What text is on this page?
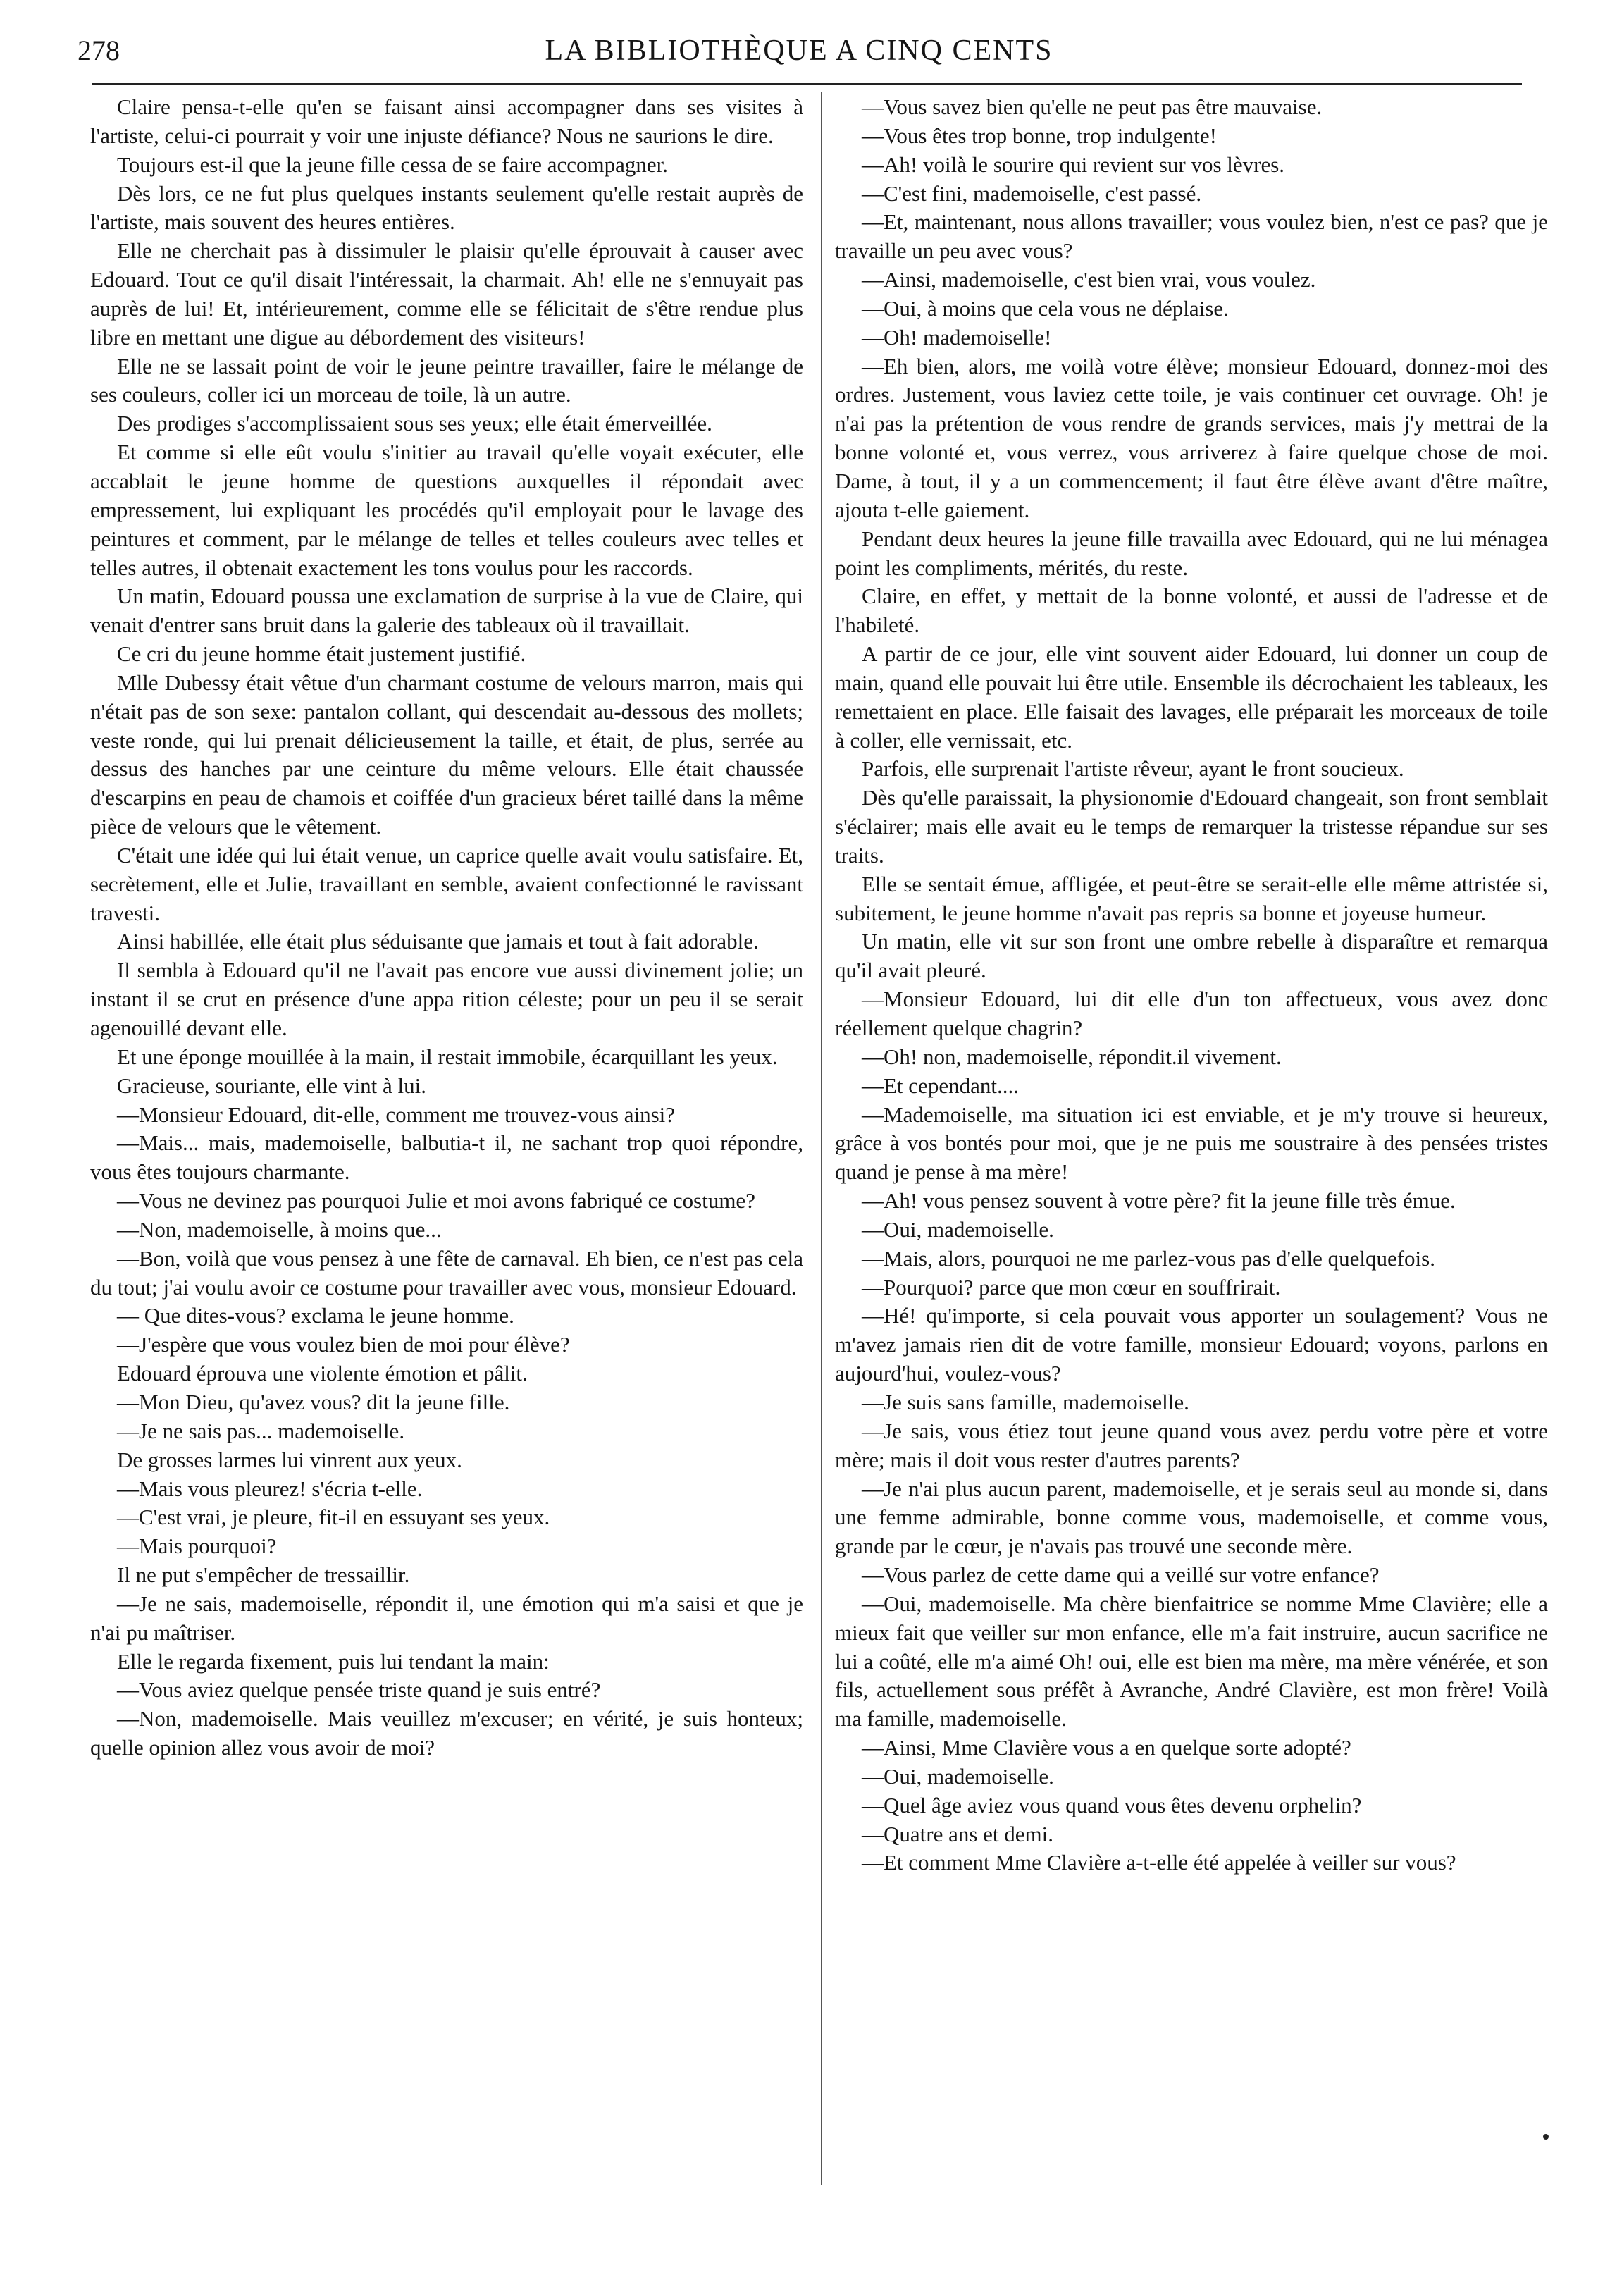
278	LA BIBLIOTHÈQUE A CINQ CENTS

Claire pensa-t-elle qu'en se faisant ainsi accompagner dans ses visites à l'artiste, celui-ci pourrait y voir une injuste défiance? Nous ne saurions le dire.

Toujours est-il que la jeune fille cessa de se faire accompagner.

Dès lors, ce ne fut plus quelques instants seulement qu'elle restait auprès de l'artiste, mais souvent des heures entières.

Elle ne cherchait pas à dissimuler le plaisir qu'elle éprouvait à causer avec Edouard. Tout ce qu'il disait l'intéressait, la charmait. Ah! elle ne s'ennuyait pas auprès de lui! Et, intérieurement, comme elle se félicitait de s'être rendue plus libre en mettant une digue au débordement des visiteurs!

Elle ne se lassait point de voir le jeune peintre travailler, faire le mélange de ses couleurs, coller ici un morceau de toile, là un autre.

Des prodiges s'accomplissaient sous ses yeux; elle était émerveillée.

Et comme si elle eût voulu s'initier au travail qu'elle voyait exécuter, elle accablait le jeune homme de questions auxquelles il répondait avec empressement, lui expliquant les procédés qu'il employait pour le lavage des peintures et comment, par le mélange de telles et telles couleurs avec telles et telles autres, il obtenait exactement les tons voulus pour les raccords.

Un matin, Edouard poussa une exclamation de surprise à la vue de Claire, qui venait d'entrer sans bruit dans la galerie des tableaux où il travaillait.

Ce cri du jeune homme était justement justifié.

Mlle Dubessy était vêtue d'un charmant costume de velours marron, mais qui n'était pas de son sexe: pantalon collant, qui descendait au-dessous des mollets; veste ronde, qui lui prenait délicieusement la taille, et était, de plus, serrée au dessus des hanches par une ceinture du même velours. Elle était chaussée d'escarpins en peau de chamois et coiffée d'un gracieux béret taillé dans la même pièce de velours que le vêtement.

C'était une idée qui lui était venue, un caprice quelle avait voulu satisfaire. Et, secrètement, elle et Julie, travaillant en semble, avaient confectionné le ravissant travesti.

Ainsi habillée, elle était plus séduisante que jamais et tout à fait adorable.

Il sembla à Edouard qu'il ne l'avait pas encore vue aussi divinement jolie; un instant il se crut en présence d'une appa rition céleste; pour un peu il se serait agenouillé devant elle.

Et une éponge mouillée à la main, il restait immobile, écarquillant les yeux.

Gracieuse, souriante, elle vint à lui.

—Monsieur Edouard, dit-elle, comment me trouvez-vous ainsi?

—Mais... mais, mademoiselle, balbutia-t il, ne sachant trop quoi répondre, vous êtes toujours charmante.

—Vous ne devinez pas pourquoi Julie et moi avons fabriqué ce costume?

—Non, mademoiselle, à moins que...

—Bon, voilà que vous pensez à une fête de carnaval. Eh bien, ce n'est pas cela du tout; j'ai voulu avoir ce costume pour travailler avec vous, monsieur Edouard.

— Que dites-vous? exclama le jeune homme.

—J'espère que vous voulez bien de moi pour élève?

Edouard éprouva une violente émotion et pâlit.

—Mon Dieu, qu'avez vous? dit la jeune fille.

—Je ne sais pas... mademoiselle.

De grosses larmes lui vinrent aux yeux.

—Mais vous pleurez! s'écria t-elle.

—C'est vrai, je pleure, fit-il en essuyant ses yeux.

—Mais pourquoi?

Il ne put s'empêcher de tressaillir.

—Je ne sais, mademoiselle, répondit il, une émotion qui m'a saisi et que je n'ai pu maîtriser.

Elle le regarda fixement, puis lui tendant la main:

—Vous aviez quelque pensée triste quand je suis entré?

—Non, mademoiselle. Mais veuillez m'excuser; en vérité, je suis honteux; quelle opinion allez vous avoir de moi?

—Vous savez bien qu'elle ne peut pas être mauvaise.

—Vous êtes trop bonne, trop indulgente!

—Ah! voilà le sourire qui revient sur vos lèvres.

—C'est fini, mademoiselle, c'est passé.

—Et, maintenant, nous allons travailler; vous voulez bien, n'est ce pas? que je travaille un peu avec vous?

—Ainsi, mademoiselle, c'est bien vrai, vous voulez.

—Oui, à moins que cela vous ne déplaise.

—Oh! mademoiselle!

—Eh bien, alors, me voilà votre élève; monsieur Edouard, donnez-moi des ordres. Justement, vous laviez cette toile, je vais continuer cet ouvrage. Oh! je n'ai pas la prétention de vous rendre de grands services, mais j'y mettrai de la bonne volonté et, vous verrez, vous arriverez à faire quelque chose de moi. Dame, à tout, il y a un commencement; il faut être élève avant d'être maître, ajouta t-elle gaiement.

Pendant deux heures la jeune fille travailla avec Edouard, qui ne lui ménagea point les compliments, mérités, du reste.

Claire, en effet, y mettait de la bonne volonté, et aussi de l'adresse et de l'habileté.

A partir de ce jour, elle vint souvent aider Edouard, lui donner un coup de main, quand elle pouvait lui être utile. Ensemble ils décrochaient les tableaux, les remettaient en place. Elle faisait des lavages, elle préparait les morceaux de toile à coller, elle vernissait, etc.

Parfois, elle surprenait l'artiste rêveur, ayant le front soucieux.

Dès qu'elle paraissait, la physionomie d'Edouard changeait, son front semblait s'éclairer; mais elle avait eu le temps de remarquer la tristesse répandue sur ses traits.

Elle se sentait émue, affligée, et peut-être se serait-elle elle même attristée si, subitement, le jeune homme n'avait pas repris sa bonne et joyeuse humeur.

Un matin, elle vit sur son front une ombre rebelle à disparaître et remarqua qu'il avait pleuré.

—Monsieur Edouard, lui dit elle d'un ton affectueux, vous avez donc réellement quelque chagrin?

—Oh! non, mademoiselle, répondit.il vivement.

—Et cependant....

—Mademoiselle, ma situation ici est enviable, et je m'y trouve si heureux, grâce à vos bontés pour moi, que je ne puis me soustraire à des pensées tristes quand je pense à ma mère!

—Ah! vous pensez souvent à votre père? fit la jeune fille très émue.

—Oui, mademoiselle.

—Mais, alors, pourquoi ne me parlez-vous pas d'elle quelquefois.

—Pourquoi? parce que mon cœur en souffrirait.

—Hé! qu'importe, si cela pouvait vous apporter un soulagement? Vous ne m'avez jamais rien dit de votre famille, monsieur Edouard; voyons, parlons en aujourd'hui, voulez-vous?

—Je suis sans famille, mademoiselle.

—Je sais, vous étiez tout jeune quand vous avez perdu votre père et votre mère; mais il doit vous rester d'autres parents?

—Je n'ai plus aucun parent, mademoiselle, et je serais seul au monde si, dans une femme admirable, bonne comme vous, mademoiselle, et comme vous, grande par le cœur, je n'avais pas trouvé une seconde mère.

—Vous parlez de cette dame qui a veillé sur votre enfance?

—Oui, mademoiselle. Ma chère bienfaitrice se nomme Mme Clavière; elle a mieux fait que veiller sur mon enfance, elle m'a fait instruire, aucun sacrifice ne lui a coûté, elle m'a aimé Oh! oui, elle est bien ma mère, ma mère vénérée, et son fils, actuellement sous préfêt à Avranche, André Clavière, est mon frère! Voilà ma famille, mademoiselle.

—Ainsi, Mme Clavière vous a en quelque sorte adopté?

—Oui, mademoiselle.

—Quel âge aviez vous quand vous êtes devenu orphelin?

—Quatre ans et demi.

—Et comment Mme Clavière a-t-elle été appelée à veiller sur vous?
